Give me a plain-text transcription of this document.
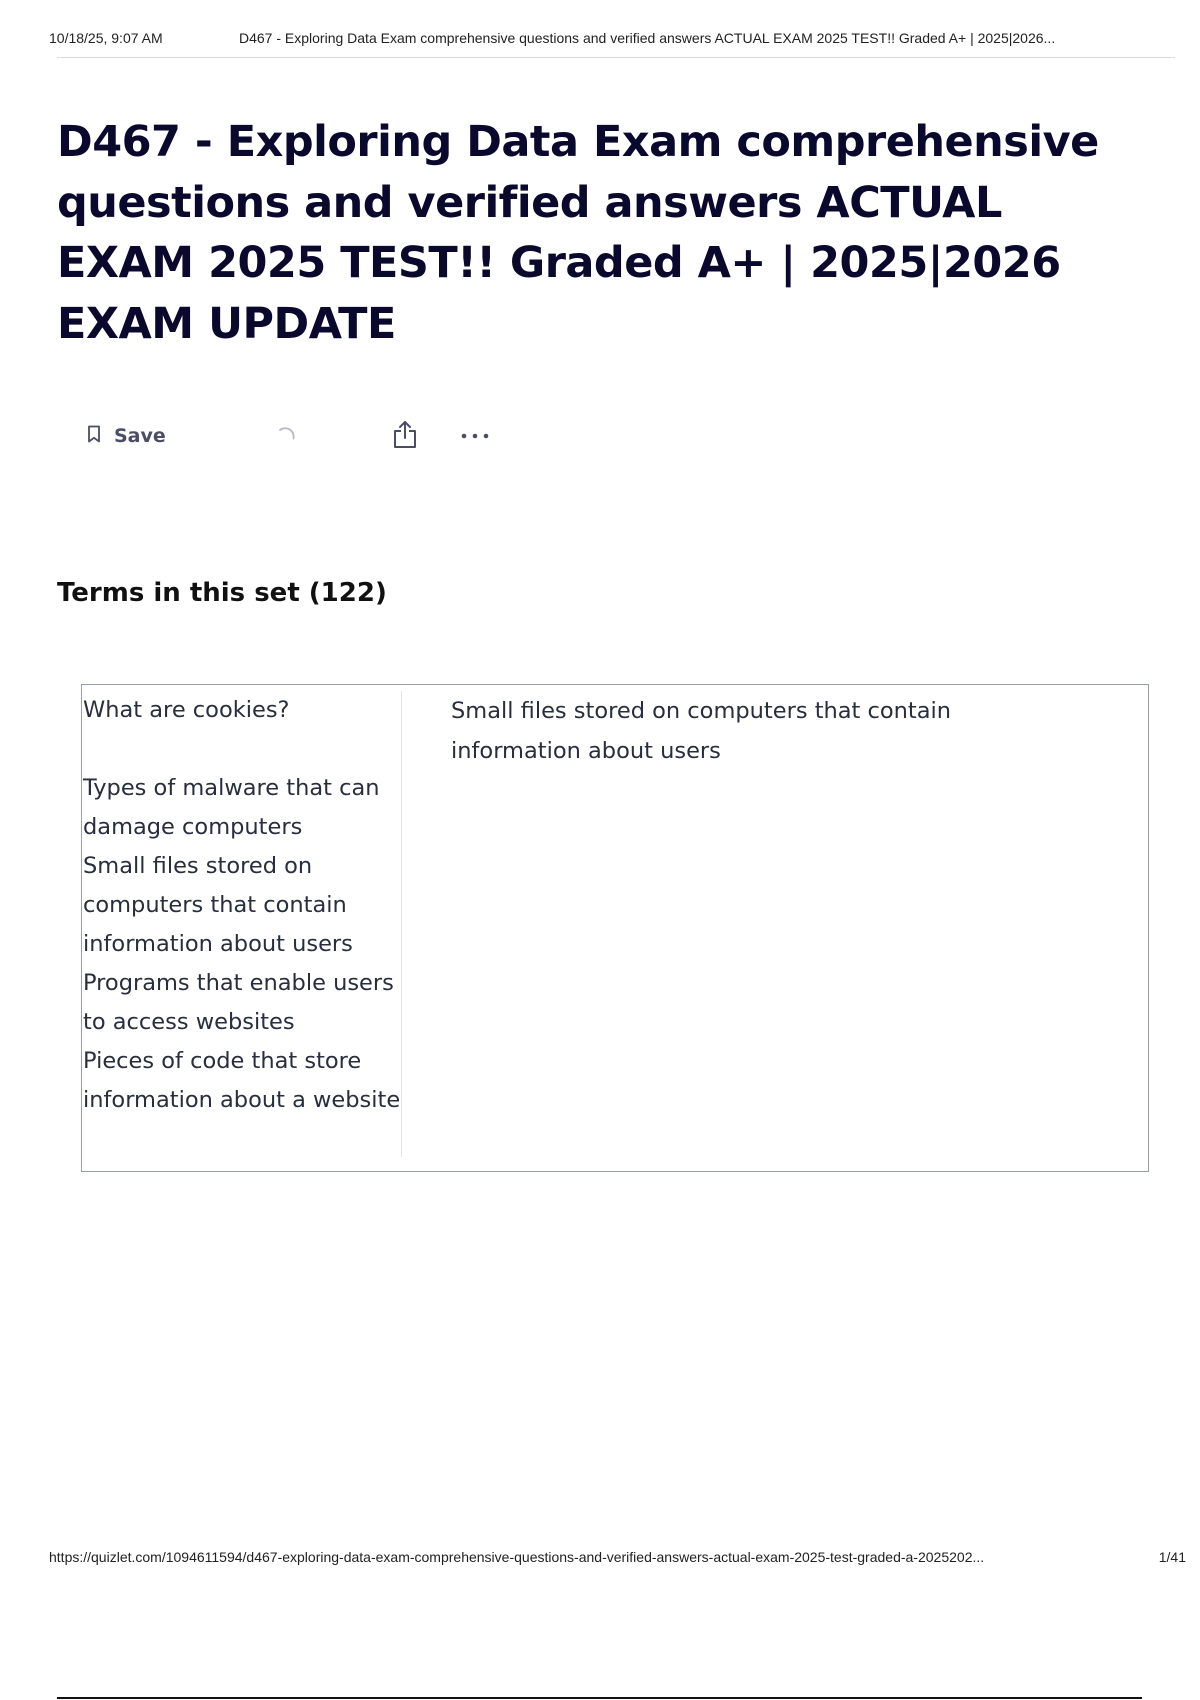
10/18/25, 9:07 AM	D467 - Exploring Data Exam comprehensive questions and verified answers ACTUAL EXAM 2025 TEST!! Graded A+ | 2025|2026...
D467 - Exploring Data Exam comprehensive questions and verified answers ACTUAL EXAM 2025 TEST!! Graded A+ | 2025|2026 EXAM UPDATE
Save
Terms in this set (122)
What are cookies?
Types of malware that can damage computers
Small files stored on computers that contain information about users
Programs that enable users to access websites
Pieces of code that store information about a website
Small files stored on computers that contain information about users
https://quizlet.com/1094611594/d467-exploring-data-exam-comprehensive-questions-and-verified-answers-actual-exam-2025-test-graded-a-2025202...	1/41
